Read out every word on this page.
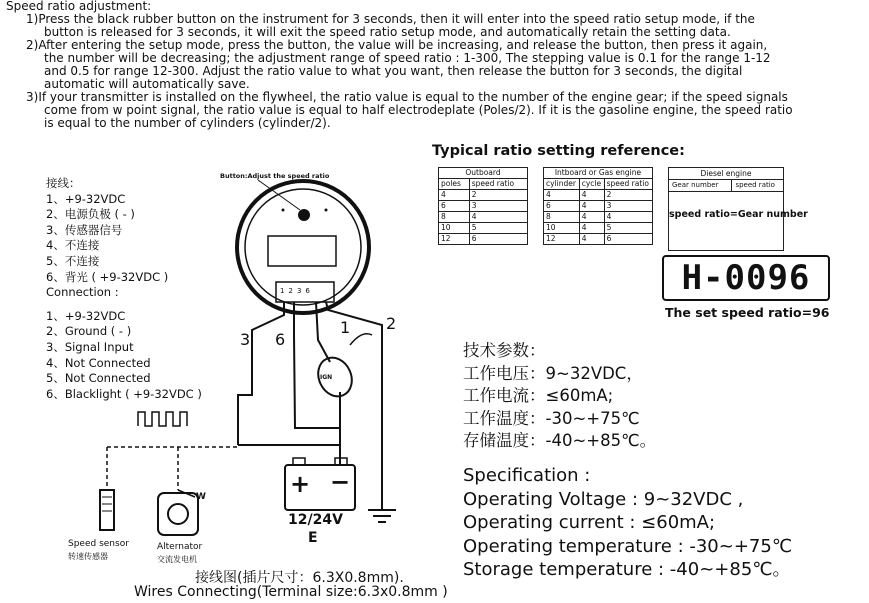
Speed ratio adjustment:

1)Press the black rubber button on the instrument for 3 seconds, then it will enter into the speed ratio setup mode, if the

button is released for 3 seconds, it will exit the speed ratio setup mode, and automatically retain the setting data.

2)After entering the setup mode, press the button, the value will be increasing, and release the button, then press it again,

the number will be decreasing; the adjustment range of speed ratio : 1-300, The stepping value is 0.1 for the range 1-12

and 0.5 for range 12-300. Adjust the ratio value to what you want, then release the button for 3 seconds, the digital

automatic will automatically save.

3)If your transmitter is installed on the flywheel, the ratio value is equal to the number of the engine gear; if the speed signals

come from w point signal, the ratio value is equal to half electrodeplate (Poles/2). If it is the gasoline engine, the speed ratio

is equal to the number of cylinders (cylinder/2).

接线：
1、+9-32VDC
2、电源负极 ( - )
3、传感器信号
4、不连接
5、不连接
6、背光 ( +9-32VDC )
Connection :
1、+9-32VDC
2、Ground ( - )
3、Signal Input
4、Not Connected
5、Not Connected
6、Blacklight ( +9-32VDC )
Button:Adjust the speed ratio
1236
3 6
1 2
IGN
+ −
12/24V
E
W
Speed sensor
转速传感器
Alternator
交流发电机
接线图(插片尺寸：6.3X0.8mm).
Wires Connecting(Terminal size:6.3x0.8mm )
Typical ratio setting reference:
Outboard	
poles	speed ratio
4	2
6	3
8	4
10	5
12	6
Intboard or Gas engine		
cylinder	cycle	speed ratio
4	4	2
6	4	3
8	4	4
10	4	5
12	4	6
Diesel engine
Gear number	speed ratio
speed ratio=Gear number
H-0096
The set speed ratio=96
技术参数：
工作电压：9~32VDC，
工作电流：≤60mA;
工作温度：-30~+75℃
存储温度：-40~+85℃。
Specification :
Operating Voltage : 9~32VDC ,
Operating current : ≤60mA;
Operating temperature : -30~+75℃
Storage temperature : -40~+85℃。
